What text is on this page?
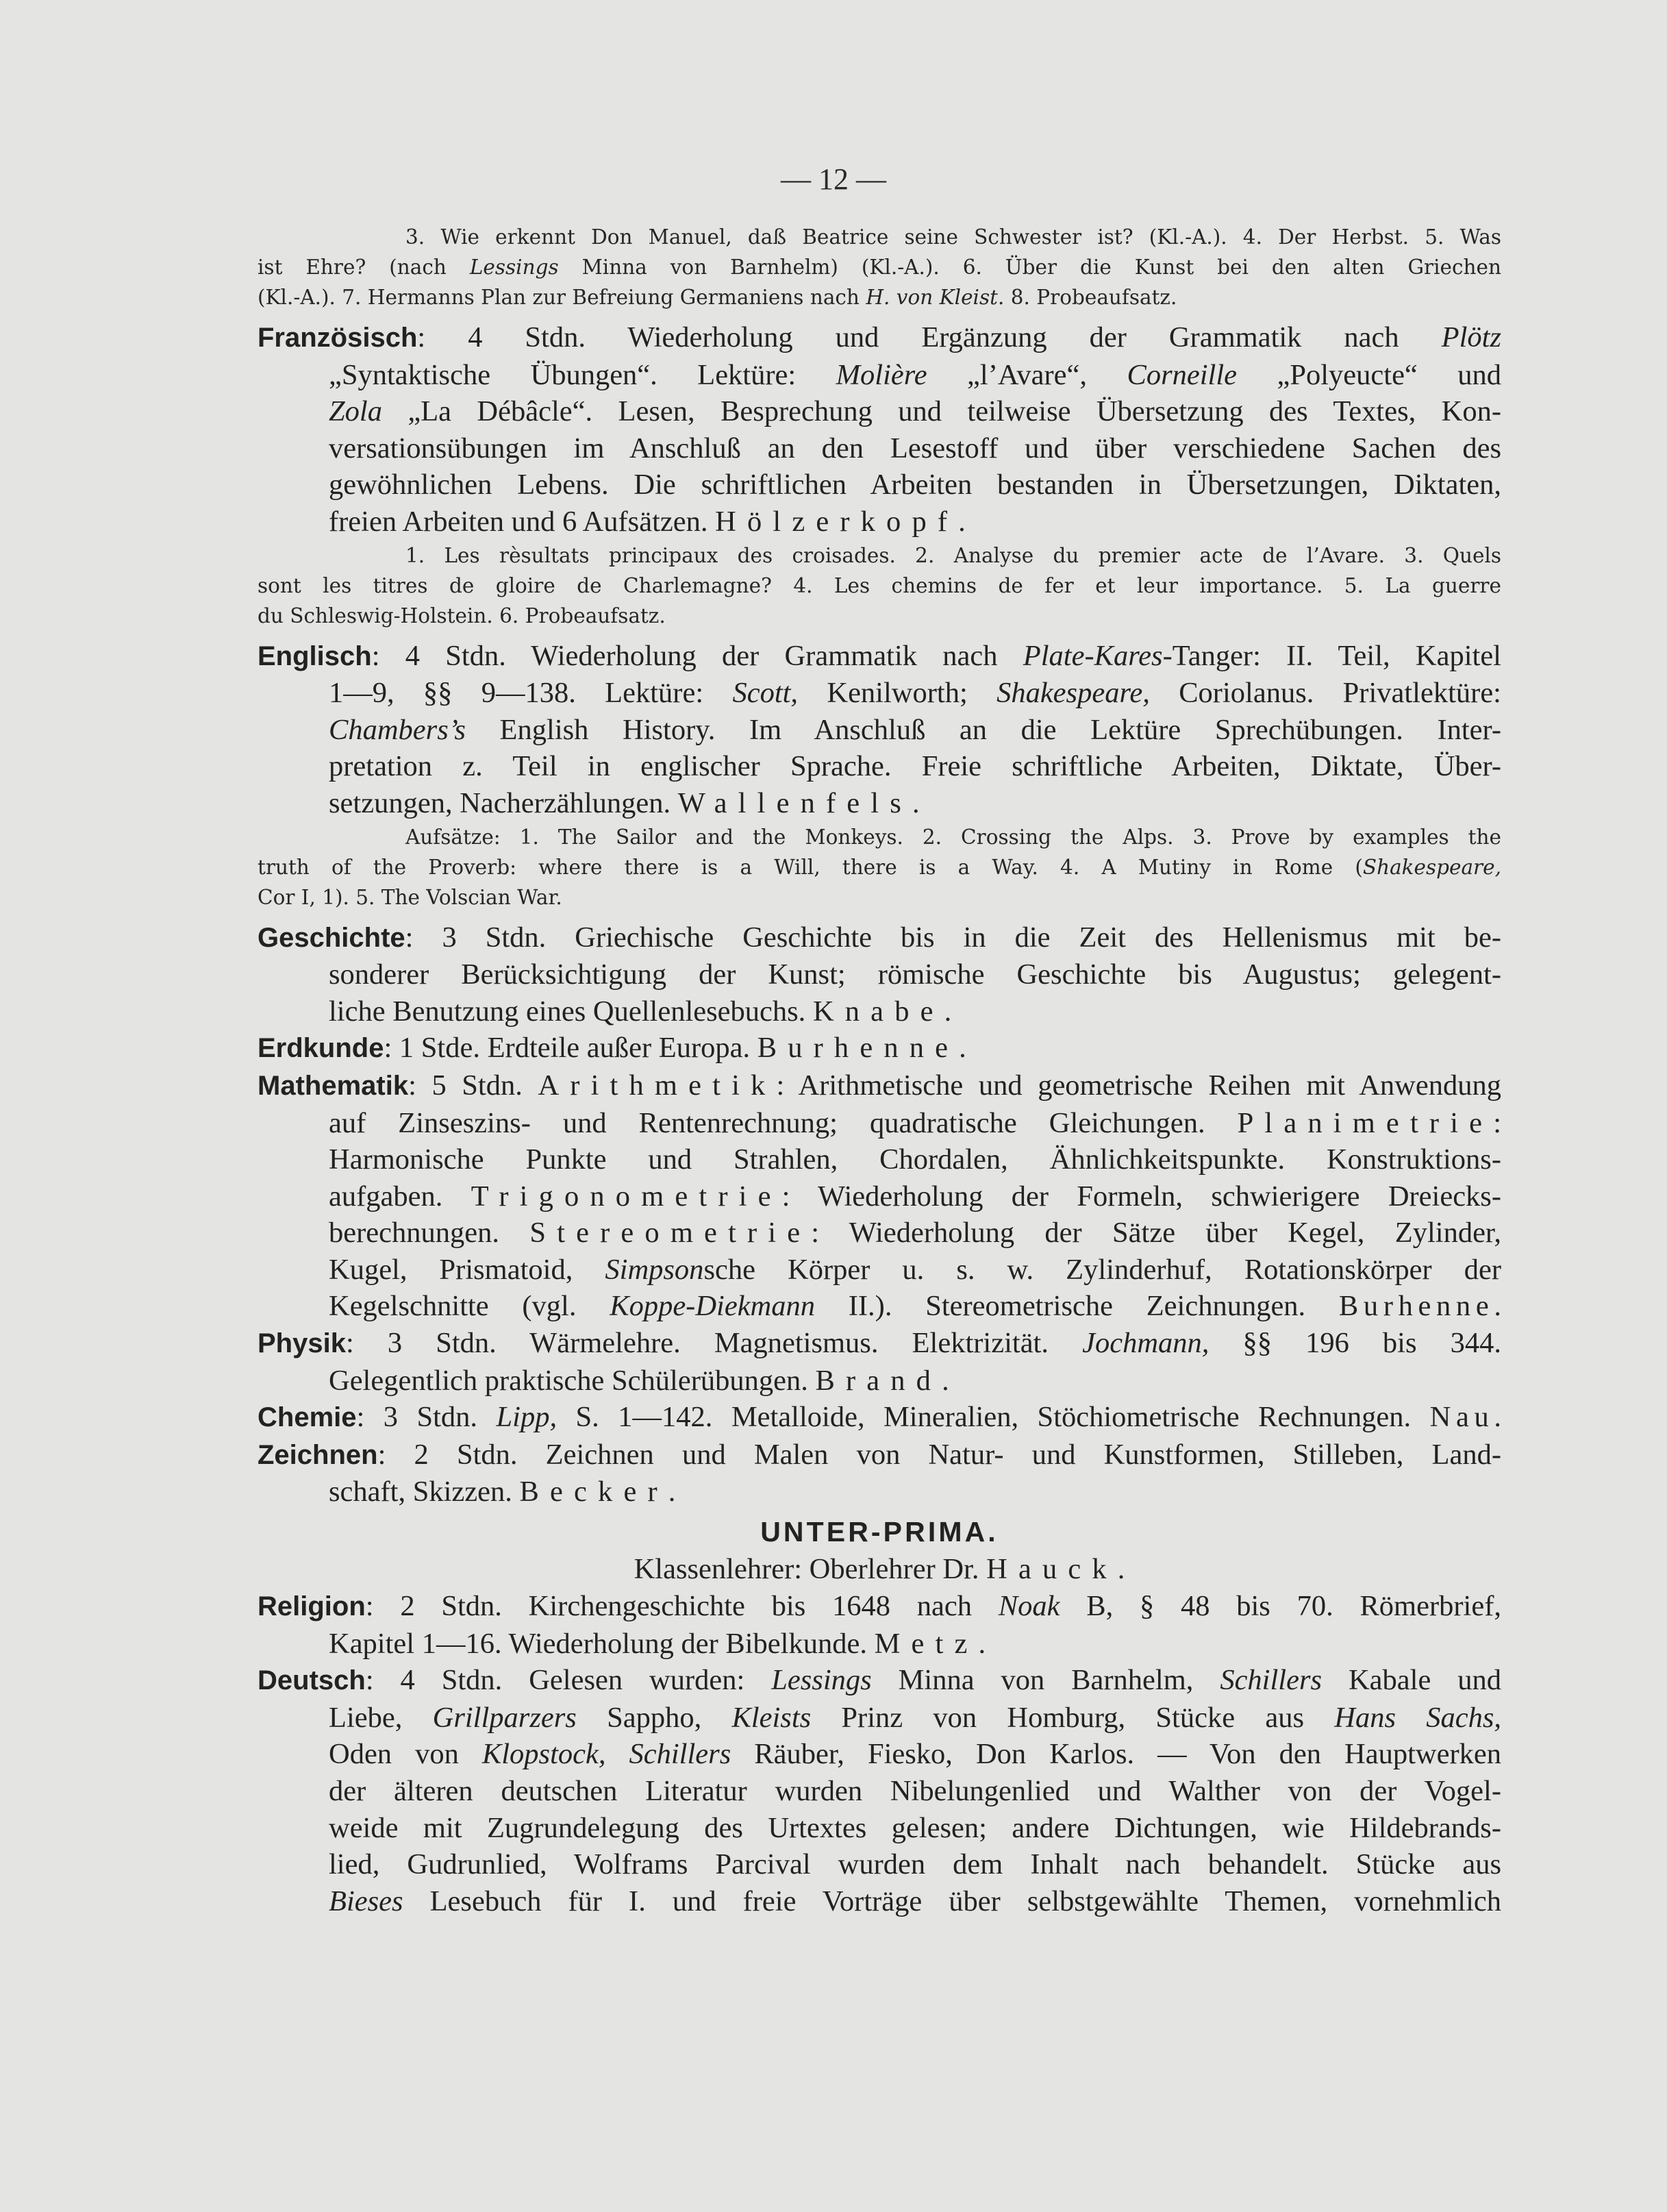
— 12 —

3. Wie erkennt Don Manuel, daß Beatrice seine Schwester ist? (Kl.-A.). 4. Der Herbst. 5. Was

ist Ehre? (nach Lessings Minna von Barnhelm) (Kl.-A.). 6. Über die Kunst bei den alten Griechen

(Kl.-A.). 7. Hermanns Plan zur Befreiung Germaniens nach H. von Kleist. 8. Probeaufsatz.

Französisch: 4 Stdn. Wiederholung und Ergänzung der Grammatik nach Plötz

„Syntaktische Übungen“. Lektüre: Molière „l’Avare“, Corneille „Polyeucte“ und

Zola „La Débâcle“. Lesen, Besprechung und teilweise Übersetzung des Textes, Kon-

versationsübungen im Anschluß an den Lesestoff und über verschiedene Sachen des

gewöhnlichen Lebens. Die schriftlichen Arbeiten bestanden in Übersetzungen, Diktaten,

freien Arbeiten und 6 Aufsätzen. Hölzerkopf.

1. Les rèsultats principaux des croisades. 2. Analyse du premier acte de l’Avare. 3. Quels

sont les titres de gloire de Charlemagne? 4. Les chemins de fer et leur importance. 5. La guerre

du Schleswig-Holstein. 6. Probeaufsatz.

Englisch: 4 Stdn. Wiederholung der Grammatik nach Plate-Kares-Tanger: II. Teil, Kapitel

1—9, §§ 9—138. Lektüre: Scott, Kenilworth; Shakespeare, Coriolanus. Privatlektüre:

Chambers’s English History. Im Anschluß an die Lektüre Sprechübungen. Inter-

pretation z. Teil in englischer Sprache. Freie schriftliche Arbeiten, Diktate, Über-

setzungen, Nacherzählungen. Wallenfels.

Aufsätze: 1. The Sailor and the Monkeys. 2. Crossing the Alps. 3. Prove by examples the

truth of the Proverb: where there is a Will, there is a Way. 4. A Mutiny in Rome (Shakespeare,

Cor I, 1). 5. The Volscian War.

Geschichte: 3 Stdn. Griechische Geschichte bis in die Zeit des Hellenismus mit be-

sonderer Berücksichtigung der Kunst; römische Geschichte bis Augustus; gelegent-

liche Benutzung eines Quellenlesebuchs. Knabe.

Erdkunde: 1 Stde. Erdteile außer Europa. Burhenne.

Mathematik: 5 Stdn. Arithmetik: Arithmetische und geometrische Reihen mit Anwendung

auf Zinseszins- und Rentenrechnung; quadratische Gleichungen. Planimetrie:

Harmonische Punkte und Strahlen, Chordalen, Ähnlichkeitspunkte. Konstruktions-

aufgaben. Trigonometrie: Wiederholung der Formeln, schwierigere Dreiecks-

berechnungen. Stereometrie: Wiederholung der Sätze über Kegel, Zylinder,

Kugel, Prismatoid, Simpsonsche Körper u. s. w. Zylinderhuf, Rotationskörper der

Kegelschnitte (vgl. Koppe-Diekmann II.). Stereometrische Zeichnungen. Burhenne.

Physik: 3 Stdn. Wärmelehre. Magnetismus. Elektrizität. Jochmann, §§ 196 bis 344.

Gelegentlich praktische Schülerübungen. Brand.

Chemie: 3 Stdn. Lipp, S. 1—142. Metalloide, Mineralien, Stöchiometrische Rechnungen. Nau.

Zeichnen: 2 Stdn. Zeichnen und Malen von Natur- und Kunstformen, Stilleben, Land-

schaft, Skizzen. Becker.

UNTER-PRIMA.

Klassenlehrer: Oberlehrer Dr. Hauck.

Religion: 2 Stdn. Kirchengeschichte bis 1648 nach Noak B, § 48 bis 70. Römerbrief,

Kapitel 1—16. Wiederholung der Bibelkunde. Metz.

Deutsch: 4 Stdn. Gelesen wurden: Lessings Minna von Barnhelm, Schillers Kabale und

Liebe, Grillparzers Sappho, Kleists Prinz von Homburg, Stücke aus Hans Sachs,

Oden von Klopstock, Schillers Räuber, Fiesko, Don Karlos. — Von den Hauptwerken

der älteren deutschen Literatur wurden Nibelungenlied und Walther von der Vogel-

weide mit Zugrundelegung des Urtextes gelesen; andere Dichtungen, wie Hildebrands-

lied, Gudrunlied, Wolframs Parcival wurden dem Inhalt nach behandelt. Stücke aus

Bieses Lesebuch für I. und freie Vorträge über selbstgewählte Themen, vornehmlich
